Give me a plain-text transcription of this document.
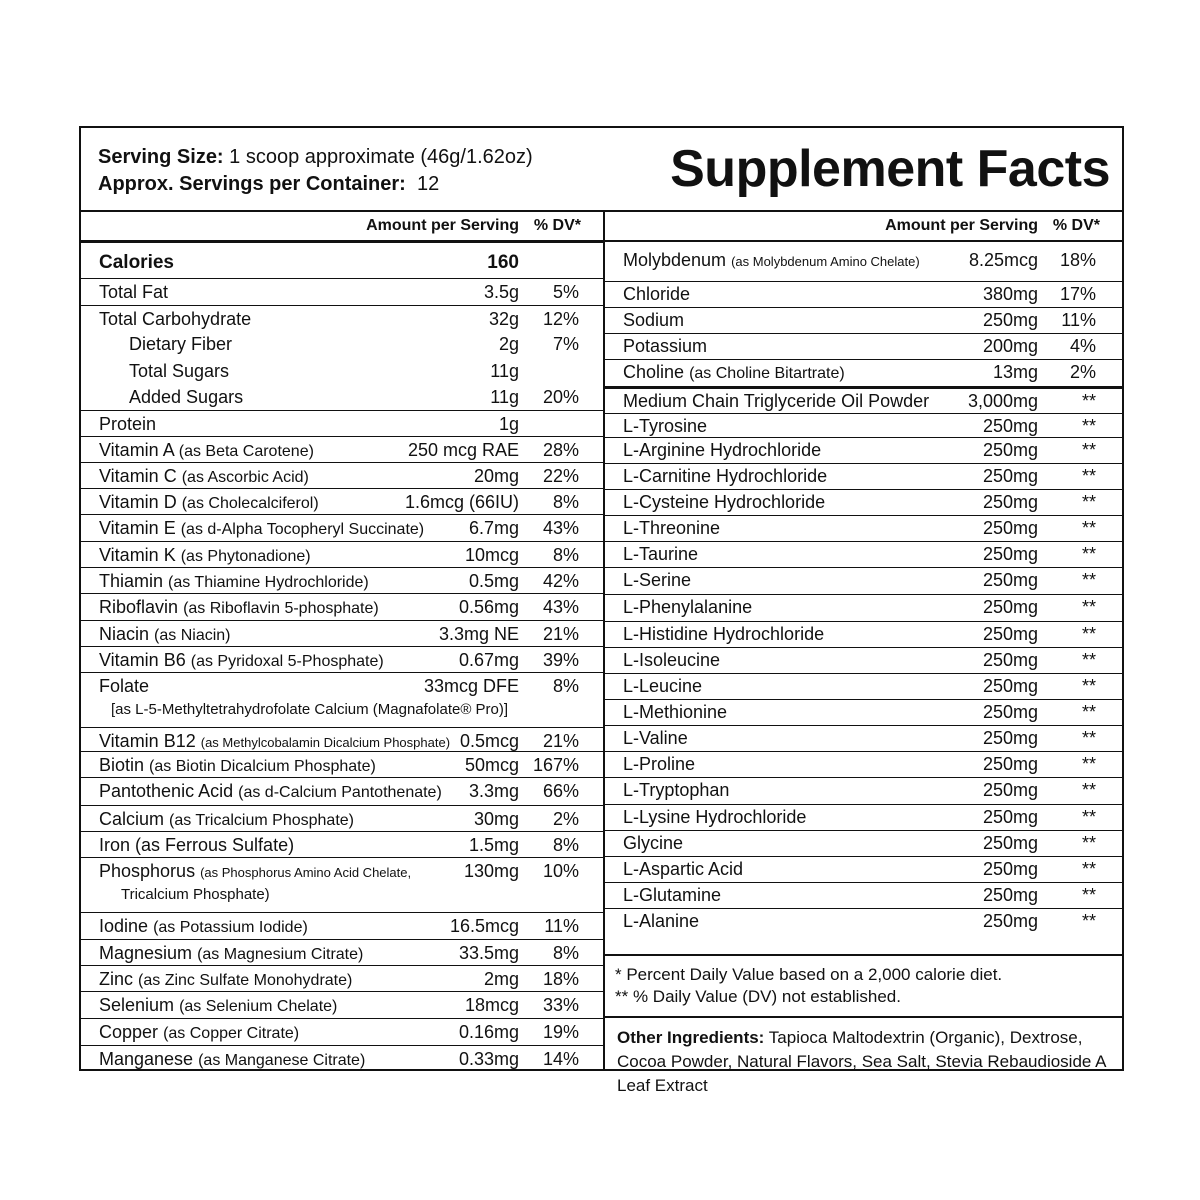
Serving Size: 1 scoop approximate (46g/1.62oz)
Approx. Servings per Container: 12	Supplement Facts
Amount per Serving % DV*
Calories	160
Total Fat	3.5g 5%
Total Carbohydrate	32g 12%
Dietary Fiber	2g 7%
Total Sugars	11g
Added Sugars	11g 20%
Protein	1g
Vitamin A (as Beta Carotene)	250 mcg RAE 28%
Vitamin C (as Ascorbic Acid)	20mg 22%
Vitamin D (as Cholecalciferol)	1.6mcg (66IU) 8%
Vitamin E (as d-Alpha Tocopheryl Succinate) 6.7mg 43%
Vitamin K (as Phytonadione)	10mcg 8%
Thiamin (as Thiamine Hydrochloride)	0.5mg 42%
Riboflavin (as Riboflavin 5-phosphate)	0.56mg 43%
Niacin (as Niacin)	3.3mg NE 21%
Vitamin B6 (as Pyridoxal 5-Phosphate)	0.67mg 39%
Folate	33mcg DFE 8%
[as L-5-Methyltetrahydrofolate Calcium (Magnafolate® Pro)]
Vitamin B12 (as Methylcobalamin Dicalcium Phosphate) 0.5mcg 21%
Biotin (as Biotin Dicalcium Phosphate)	50mcg 167%
Pantothenic Acid (as d-Calcium Pantothenate) 3.3mg 66%
Calcium (as Tricalcium Phosphate)	30mg 2%
Iron (as Ferrous Sulfate)	1.5mg 8%
Phosphorus (as Phosphorus Amino Acid Chelate,	130mg 10%
Tricalcium Phosphate)
Iodine (as Potassium Iodide)	16.5mcg 11%
Magnesium (as Magnesium Citrate)	33.5mg 8%
Zinc (as Zinc Sulfate Monohydrate)	2mg 18%
Selenium (as Selenium Chelate)	18mcg 33%
Copper (as Copper Citrate)	0.16mg 19%
Manganese (as Manganese Citrate)	0.33mg 14%
Amount per Serving % DV*
Molybdenum (as Molybdenum Amino Chelate)	8.25mcg 18%
Chloride	380mg 17%
Sodium	250mg 11%
Potassium	200mg 4%
Choline (as Choline Bitartrate)	13mg 2%
Medium Chain Triglyceride Oil Powder 3,000mg **
L-Tyrosine	250mg **
L-Arginine Hydrochloride	250mg **
L-Carnitine Hydrochloride	250mg **
L-Cysteine Hydrochloride	250mg **
L-Threonine	250mg **
L-Taurine	250mg **
L-Serine	250mg **
L-Phenylalanine	250mg **
L-Histidine Hydrochloride	250mg **
L-Isoleucine	250mg **
L-Leucine	250mg **
L-Methionine	250mg **
L-Valine	250mg **
L-Proline	250mg **
L-Tryptophan	250mg **
L-Lysine Hydrochloride	250mg **
Glycine	250mg **
L-Aspartic Acid	250mg **
L-Glutamine	250mg **
L-Alanine	250mg **
* Percent Daily Value based on a 2,000 calorie diet.
** % Daily Value (DV) not established.
Other Ingredients: Tapioca Maltodextrin (Organic), Dextrose, Cocoa Powder, Natural Flavors, Sea Salt, Stevia Rebaudioside A Leaf Extract
